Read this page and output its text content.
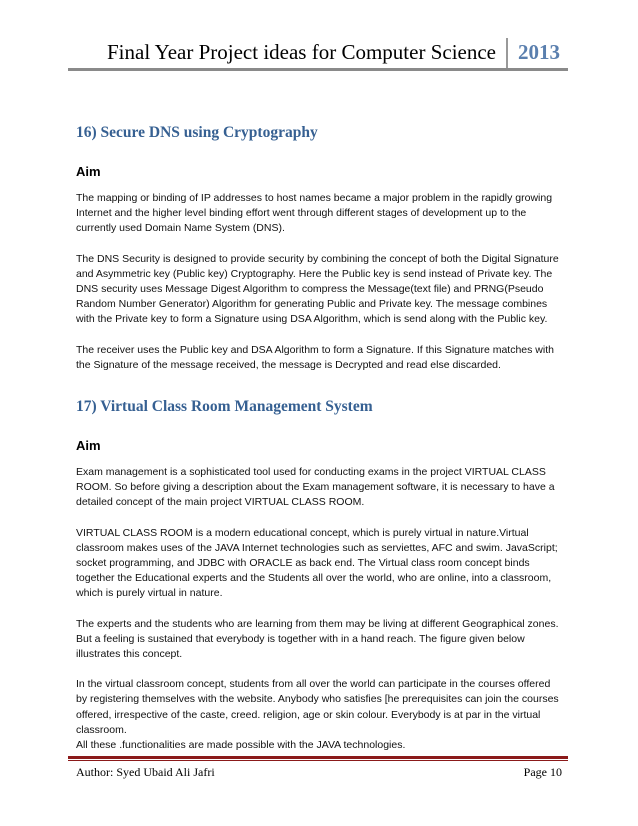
Final Year Project ideas for Computer Science 2013
16) Secure DNS using Cryptography
Aim

The mapping or binding of IP addresses to host names became a major problem in the rapidly growing Internet and the higher level binding effort went through different stages of development up to the currently used Domain Name System (DNS).

The DNS Security is designed to provide security by combining the concept of both the Digital Signature and Asymmetric key (Public key) Cryptography. Here the Public key is send instead of Private key. The DNS security uses Message Digest Algorithm to compress the Message(text file) and PRNG(Pseudo Random Number Generator) Algorithm for generating Public and Private key. The message combines with the Private key to form a Signature using DSA Algorithm, which is send along with the Public key.

The receiver uses the Public key and DSA Algorithm to form a Signature. If this Signature matches with the Signature of the message received, the message is Decrypted and read else discarded.

17) Virtual Class Room Management System
Aim

Exam management is a sophisticated tool used for conducting exams in the project VIRTUAL CLASS ROOM. So before giving a description about the Exam management software, it is necessary to have a detailed concept of the main project VIRTUAL CLASS ROOM.

VIRTUAL CLASS ROOM is a modern educational concept, which is purely virtual in nature.Virtual classroom makes uses of the JAVA Internet technologies such as serviettes, AFC and swim. JavaScript; socket programming, and JDBC with ORACLE as back end. The Virtual class room concept binds together the Educational experts and the Students all over the world, who are online, into a classroom, which is purely virtual in nature.

The experts and the students who are learning from them may be living at different Geographical zones. But a feeling is sustained that everybody is together with in a hand reach. The figure given below illustrates this concept.

In the virtual classroom concept, students from all over the world can participate in the courses offered by registering themselves with the website. Anybody who satisfies [he prerequisites can join the courses offered, irrespective of the caste, creed. religion, age or skin colour. Everybody is at par in the virtual classroom.

All these .functionalities are made possible with the JAVA technologies.

Author: Syed Ubaid Ali Jafri	Page 10
